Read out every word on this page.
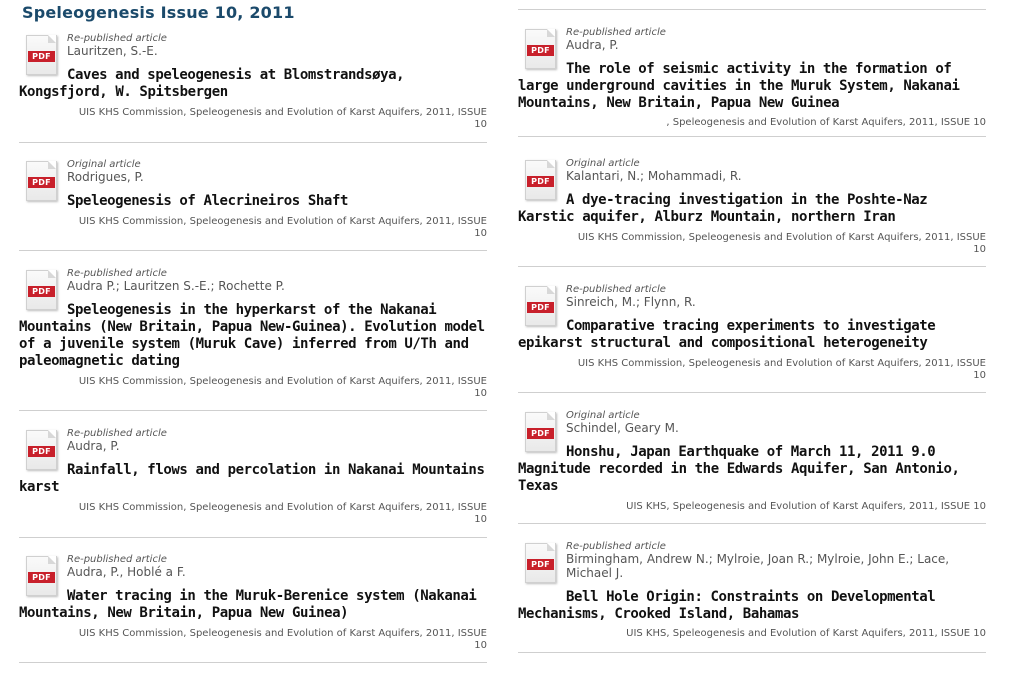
Speleogenesis Issue 10, 2011
PDF
Re-published article
Lauritzen, S.-E.
Caves and speleogenesis at Blomstrandsøya, Kongsfjord, W. Spitsbergen
UIS KHS Commission, Speleogenesis and Evolution of Karst Aquifers, 2011, ISSUE
10
PDF
Original article
Rodrigues, P.
Speleogenesis of Alecrineiros Shaft
UIS KHS Commission, Speleogenesis and Evolution of Karst Aquifers, 2011, ISSUE
10
PDF
Re-published article
Audra P.; Lauritzen S.-E.; Rochette P.
Speleogenesis in the hyperkarst of the Nakanai Mountains (New Britain, Papua New-Guinea). Evolution model of a juvenile system (Muruk Cave) inferred from U/Th and paleomagnetic dating
UIS KHS Commission, Speleogenesis and Evolution of Karst Aquifers, 2011, ISSUE
10
PDF
Re-published article
Audra, P.
Rainfall, flows and percolation in Nakanai Mountains karst
UIS KHS Commission, Speleogenesis and Evolution of Karst Aquifers, 2011, ISSUE
10
PDF
Re-published article
Audra, P., Hoblé a F.
Water tracing in the Muruk-Berenice system (Nakanai Mountains, New Britain, Papua New Guinea)
UIS KHS Commission, Speleogenesis and Evolution of Karst Aquifers, 2011, ISSUE
10
PDF
Re-published article
Audra, P.
The role of seismic activity in the formation of large underground cavities in the Muruk System, Nakanai Mountains, New Britain, Papua New Guinea
, Speleogenesis and Evolution of Karst Aquifers, 2011, ISSUE 10
PDF
Original article
Kalantari, N.; Mohammadi, R.
A dye-tracing investigation in the Poshte-Naz Karstic aquifer, Alburz Mountain, northern Iran
UIS KHS Commission, Speleogenesis and Evolution of Karst Aquifers, 2011, ISSUE
10
PDF
Re-published article
Sinreich, M.; Flynn, R.
Comparative tracing experiments to investigate epikarst structural and compositional heterogeneity
UIS KHS Commission, Speleogenesis and Evolution of Karst Aquifers, 2011, ISSUE
10
PDF
Original article
Schindel, Geary M.
Honshu, Japan Earthquake of March 11, 2011 9.0 Magnitude recorded in the Edwards Aquifer, San Antonio, Texas
UIS KHS, Speleogenesis and Evolution of Karst Aquifers, 2011, ISSUE 10
PDF
Re-published article
Birmingham, Andrew N.; Mylroie, Joan R.; Mylroie, John E.; Lace, Michael J.
Bell Hole Origin: Constraints on Developmental Mechanisms, Crooked Island, Bahamas
UIS KHS, Speleogenesis and Evolution of Karst Aquifers, 2011, ISSUE 10
